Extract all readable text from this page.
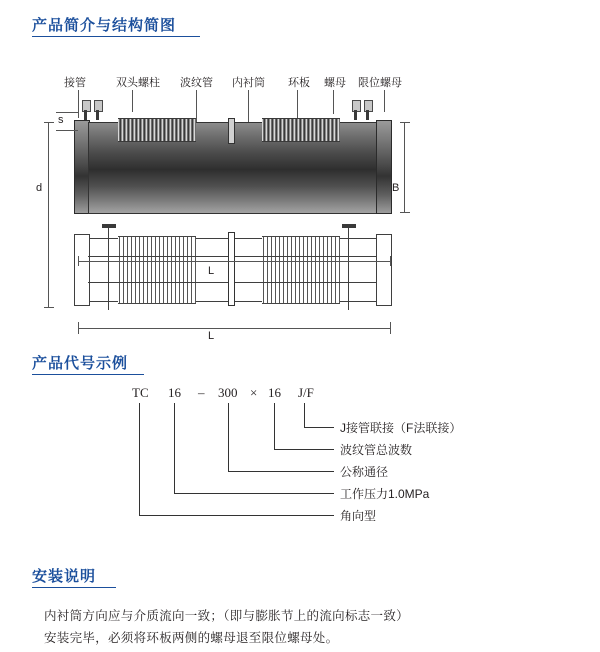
产品简介与结构简图
接管	双头螺柱 波纹管 内衬筒 环板 螺母 限位螺母
s
d	B
L
L
产品代号示例
TC 16 – 300 × 16 J/F
J接管联接（F法联接）
波纹管总波数
公称通径
工作压力1.0MPa
角向型
安装说明
内衬筒方向应与介质流向一致；（即与膨胀节上的流向标志一致）
安装完毕，必须将环板两侧的螺母退至限位螺母处。
